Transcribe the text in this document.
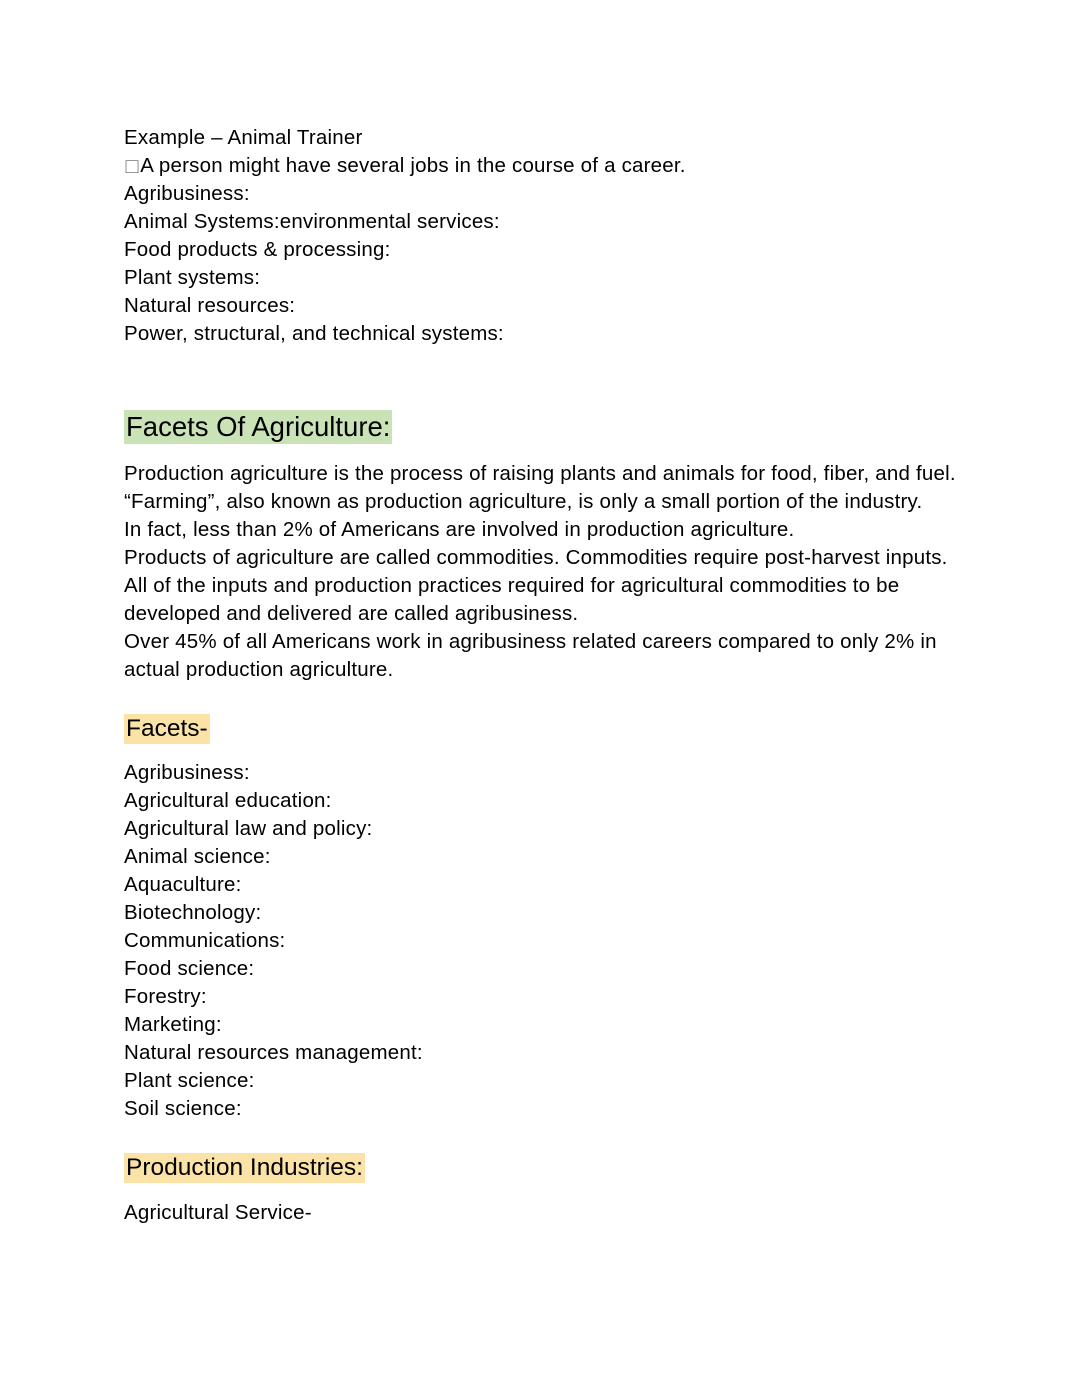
Example – Animal Trainer
□A person might have several jobs in the course of a career.
Agribusiness:
Animal Systems:environmental services:
Food products & processing:
Plant systems:
Natural resources:
Power, structural, and technical systems:
Facets Of Agriculture:

Production agriculture is the process of raising plants and animals for food, fiber, and fuel.

“Farming”, also known as production agriculture, is only a small portion of the industry.

In fact, less than 2% of Americans are involved in production agriculture.

Products of agriculture are called commodities. Commodities require post-harvest inputs.

All of the inputs and production practices required for agricultural commodities to be developed and delivered are called agribusiness.

Over 45% of all Americans work in agribusiness related careers compared to only 2% in actual production agriculture.

Facets-
Agribusiness:
Agricultural education:
Agricultural law and policy:
Animal science:
Aquaculture:
Biotechnology:
Communications:
Food science:
Forestry:
Marketing:
Natural resources management:
Plant science:
Soil science:
Production Industries:
Agricultural Service-
